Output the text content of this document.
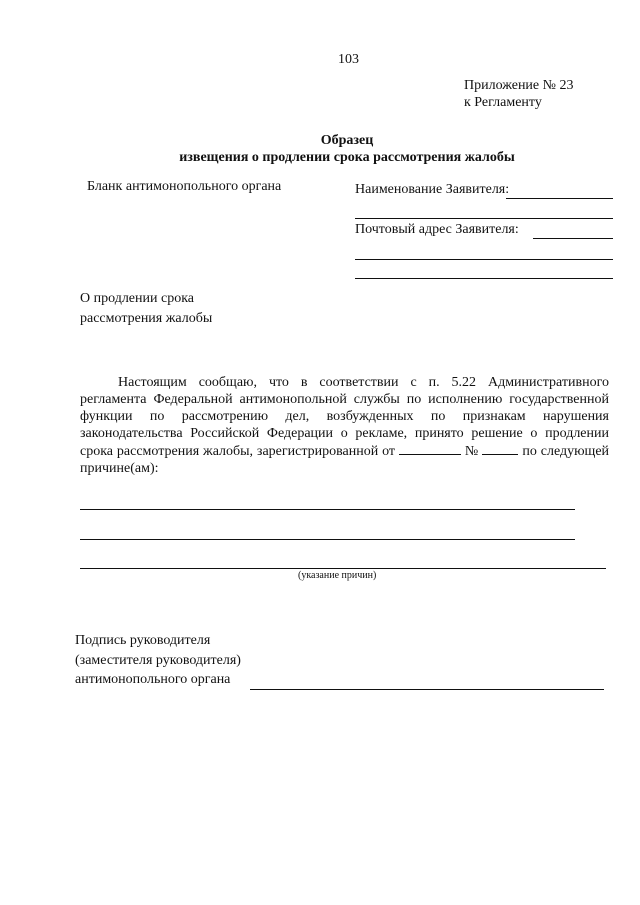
103
Приложение № 23
к Регламенту
Образец
извещения о продлении срока рассмотрения жалобы
Бланк антимонопольного органа	Наименование Заявителя:
Почтовый адрес Заявителя:
О продлении срока
рассмотрения жалобы
Настоящим сообщаю, что в соответствии с п. 5.22 Административного регламента Федеральной антимонопольной службы по исполнению государственной функции по рассмотрению дел, возбужденных по признакам нарушения законодательства Российской Федерации о рекламе, принято решение о продлении срока рассмотрения жалобы, зарегистрированной от	№	по следующей причине(ам):
(указание причин)
Подпись руководителя
(заместителя руководителя)
антимонопольного органа
